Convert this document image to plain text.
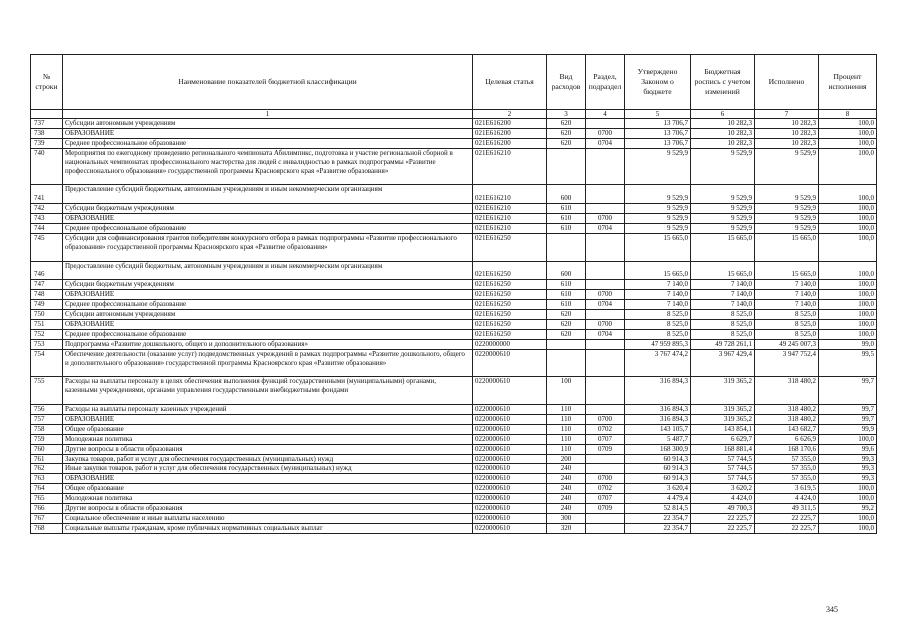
№ строки	Наименование показателей бюджетной классификации	Целевая статья	Вид расходов	Раздел, подраздел	Утверждено Законом о бюджете	Бюджетная роспись с учетом изменений	Исполнено	Процент исполнения
	1	2	3	4	5	6	7	8
737	Субсидии автономным учреждениям	021E616200	620		13 706,7	10 282,3	10 282,3	100,0
738	ОБРАЗОВАНИЕ	021E616200	620	0700	13 706,7	10 282,3	10 282,3	100,0
739	Среднее профессиональное образование	021E616200	620	0704	13 706,7	10 282,3	10 282,3	100,0
740	Мероприятия по ежегодному проведению регионального чемпионата Абилимпикс, подготовка и участие региональной сборной в национальных чемпионатах профессионального мастерства для людей с инвалидностью в рамках подпрограммы «Развитие профессионального образования» государственной программы Красноярского края «Развитие образования»	021E616210			9 529,9	9 529,9	9 529,9	100,0
741	Предоставление субсидий бюджетным, автономным учреждениям и иным некоммерческим организациям	021E616210	600		9 529,9	9 529,9	9 529,9	100,0
742	Субсидии бюджетным учреждениям	021E616210	610		9 529,9	9 529,9	9 529,9	100,0
743	ОБРАЗОВАНИЕ	021E616210	610	0700	9 529,9	9 529,9	9 529,9	100,0
744	Среднее профессиональное образование	021E616210	610	0704	9 529,9	9 529,9	9 529,9	100,0
745	Субсидии для софинансирования грантов победителям конкурсного отбора в рамках подпрограммы «Развитие профессионального образования» государственной программы Красноярского края «Развитие образования»	021E616250			15 665,0	15 665,0	15 665,0	100,0
746	Предоставление субсидий бюджетным, автономным учреждениям и иным некоммерческим организациям	021E616250	600		15 665,0	15 665,0	15 665,0	100,0
747	Субсидии бюджетным учреждениям	021E616250	610		7 140,0	7 140,0	7 140,0	100,0
748	ОБРАЗОВАНИЕ	021E616250	610	0700	7 140,0	7 140,0	7 140,0	100,0
749	Среднее профессиональное образование	021E616250	610	0704	7 140,0	7 140,0	7 140,0	100,0
750	Субсидии автономным учреждениям	021E616250	620		8 525,0	8 525,0	8 525,0	100,0
751	ОБРАЗОВАНИЕ	021E616250	620	0700	8 525,0	8 525,0	8 525,0	100,0
752	Среднее профессиональное образование	021E616250	620	0704	8 525,0	8 525,0	8 525,0	100,0
753	Подпрограмма «Развитие дошкольного, общего и дополнительного образования»	0220000000			47 959 895,3	49 728 261,1	49 245 007,3	99,0
754	Обеспечение деятельности (оказание услуг) подведомственных учреждений в рамках подпрограммы «Развитие дошкольного, общего и дополнительного образования» государственной программы Красноярского края «Развитие образования»	0220000610			3 767 474,2	3 967 429,4	3 947 752,4	99,5
755	Расходы на выплаты персоналу в целях обеспечения выполнения функций государственными (муниципальными) органами, казенными учреждениями, органами управления государственными внебюджетными фондами	0220000610	100		316 894,3	319 365,2	318 480,2	99,7
756	Расходы на выплаты персоналу казенных учреждений	0220000610	110		316 894,3	319 365,2	318 480,2	99,7
757	ОБРАЗОВАНИЕ	0220000610	110	0700	316 894,3	319 365,2	318 480,2	99,7
758	Общее образование	0220000610	110	0702	143 105,7	143 854,1	143 682,7	99,9
759	Молодежная политика	0220000610	110	0707	5 487,7	6 629,7	6 626,9	100,0
760	Другие вопросы в области образования	0220000610	110	0709	168 300,9	168 881,4	168 170,6	99,6
761	Закупка товаров, работ и услуг для обеспечения государственных (муниципальных) нужд	0220000610	200		60 914,3	57 744,5	57 355,0	99,3
762	Иные закупки товаров, работ и услуг для обеспечения государственных (муниципальных) нужд	0220000610	240		60 914,3	57 744,5	57 355,0	99,3
763	ОБРАЗОВАНИЕ	0220000610	240	0700	60 914,3	57 744,5	57 355,0	99,3
764	Общее образование	0220000610	240	0702	3 620,4	3 620,2	3 619,5	100,0
765	Молодежная политика	0220000610	240	0707	4 479,4	4 424,0	4 424,0	100,0
766	Другие вопросы в области образования	0220000610	240	0709	52 814,5	49 700,3	49 311,5	99,2
767	Социальное обеспечение и иные выплаты населению	0220000610	300		22 354,7	22 225,7	22 225,7	100,0
768	Социальные выплаты гражданам, кроме публичных нормативных социальных выплат	0220000610	320		22 354,7	22 225,7	22 225,7	100,0
345
